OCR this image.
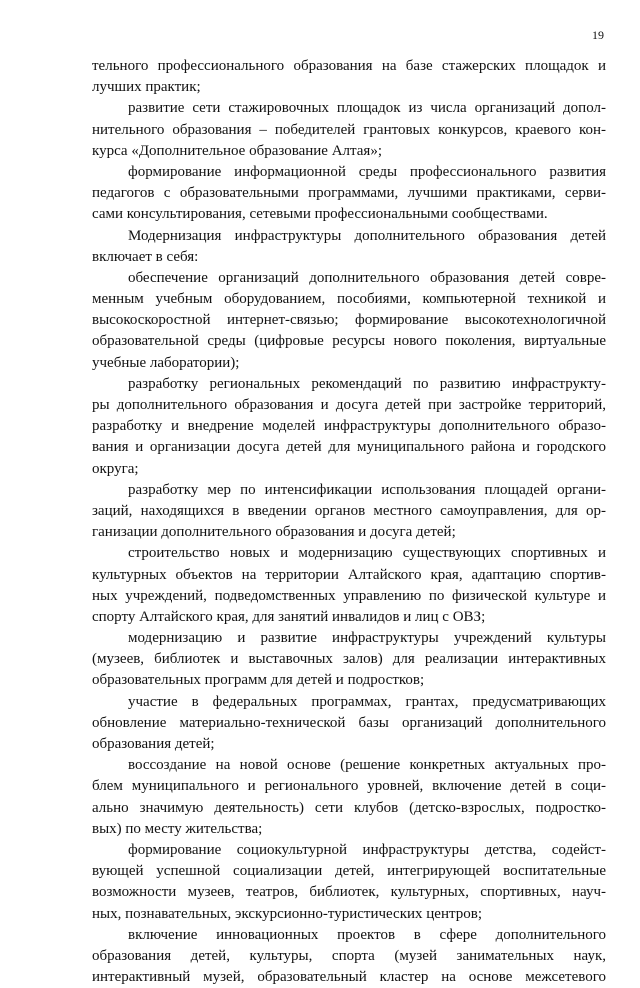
19
тельного профессионального образования на базе стажерских площадок и
лучших практик;
развитие сети стажировочных площадок из числа организаций допол-
нительного образования – победителей грантовых конкурсов, краевого кон-
курса «Дополнительное образование Алтая»;
формирование информационной среды профессионального развития
педагогов с образовательными программами, лучшими практиками, серви-
сами консультирования, сетевыми профессиональными сообществами.
Модернизация инфраструктуры дополнительного образования детей
включает в себя:
обеспечение организаций дополнительного образования детей совре-
менным учебным оборудованием, пособиями, компьютерной техникой и
высокоскоростной интернет-связью; формирование высокотехнологичной
образовательной среды (цифровые ресурсы нового поколения, виртуальные
учебные лаборатории);
разработку региональных рекомендаций по развитию инфраструкту-
ры дополнительного образования и досуга детей при застройке территорий,
разработку и внедрение моделей инфраструктуры дополнительного образо-
вания и организации досуга детей для муниципального района и городского
округа;
разработку мер по интенсификации использования площадей органи-
заций, находящихся в введении органов местного самоуправления, для ор-
ганизации дополнительного образования и досуга детей;
строительство новых и модернизацию существующих спортивных и
культурных объектов на территории Алтайского края, адаптацию спортив-
ных учреждений, подведомственных управлению по физической культуре и
спорту Алтайского края, для занятий инвалидов и лиц с ОВЗ;
модернизацию и развитие инфраструктуры учреждений культуры
(музеев, библиотек и выставочных залов) для реализации интерактивных
образовательных программ для детей и подростков;
участие в федеральных программах, грантах, предусматривающих
обновление материально-технической базы организаций дополнительного
образования детей;
воссоздание на новой основе (решение конкретных актуальных про-
блем муниципального и регионального уровней, включение детей в соци-
ально значимую деятельность) сети клубов (детско-взрослых, подростко-
вых) по месту жительства;
формирование социокультурной инфраструктуры детства, содейст-
вующей успешной социализации детей, интегрирующей воспитательные
возможности музеев, театров, библиотек, культурных, спортивных, науч-
ных, познавательных, экскурсионно-туристических центров;
включение инновационных проектов в сфере дополнительного
образования детей, культуры, спорта (музей занимательных наук,
интерактивный музей, образовательный кластер на основе межсетевого
